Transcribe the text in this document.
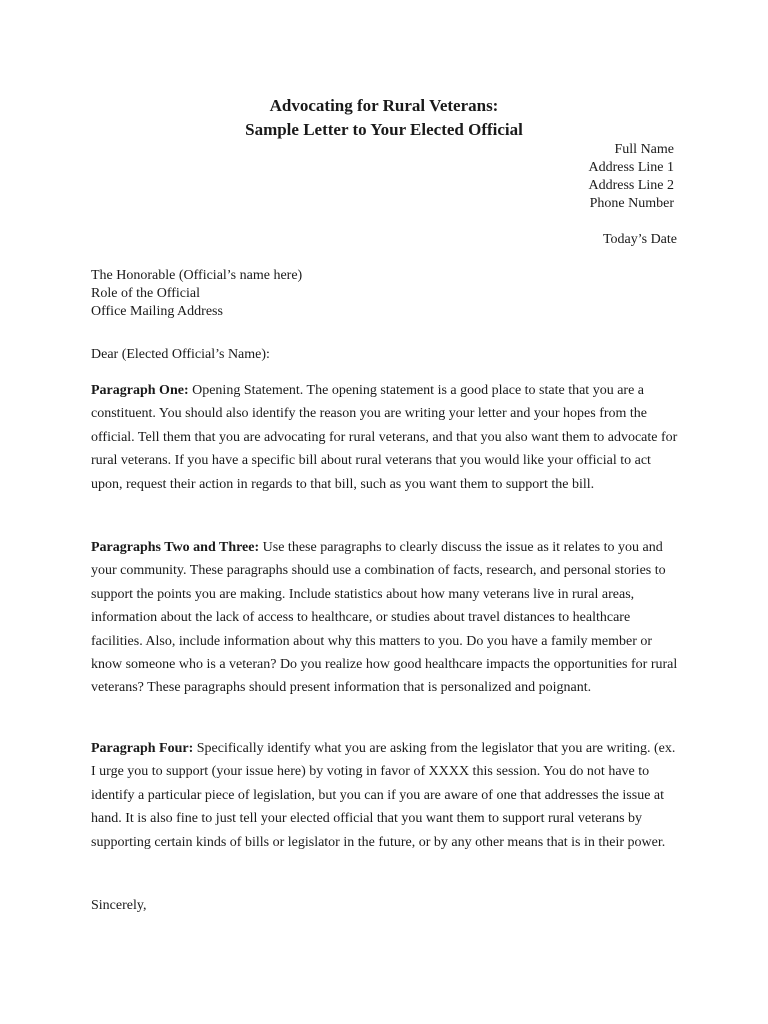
Advocating for Rural Veterans:
Sample Letter to Your Elected Official
Full Name
Address Line 1
Address Line 2
Phone Number
Today’s Date
The Honorable (Official’s name here)
Role of the Official
Office Mailing Address
Dear (Elected Official’s Name):
Paragraph One: Opening Statement. The opening statement is a good place to state that you are a constituent. You should also identify the reason you are writing your letter and your hopes from the official. Tell them that you are advocating for rural veterans, and that you also want them to advocate for rural veterans. If you have a specific bill about rural veterans that you would like your official to act upon, request their action in regards to that bill, such as you want them to support the bill.
Paragraphs Two and Three: Use these paragraphs to clearly discuss the issue as it relates to you and your community. These paragraphs should use a combination of facts, research, and personal stories to support the points you are making. Include statistics about how many veterans live in rural areas, information about the lack of access to healthcare, or studies about travel distances to healthcare facilities. Also, include information about why this matters to you. Do you have a family member or know someone who is a veteran? Do you realize how good healthcare impacts the opportunities for rural veterans? These paragraphs should present information that is personalized and poignant.
Paragraph Four: Specifically identify what you are asking from the legislator that you are writing. (ex. I urge you to support (your issue here) by voting in favor of XXXX this session. You do not have to identify a particular piece of legislation, but you can if you are aware of one that addresses the issue at hand. It is also fine to just tell your elected official that you want them to support rural veterans by supporting certain kinds of bills or legislator in the future, or by any other means that is in their power.
Sincerely,
